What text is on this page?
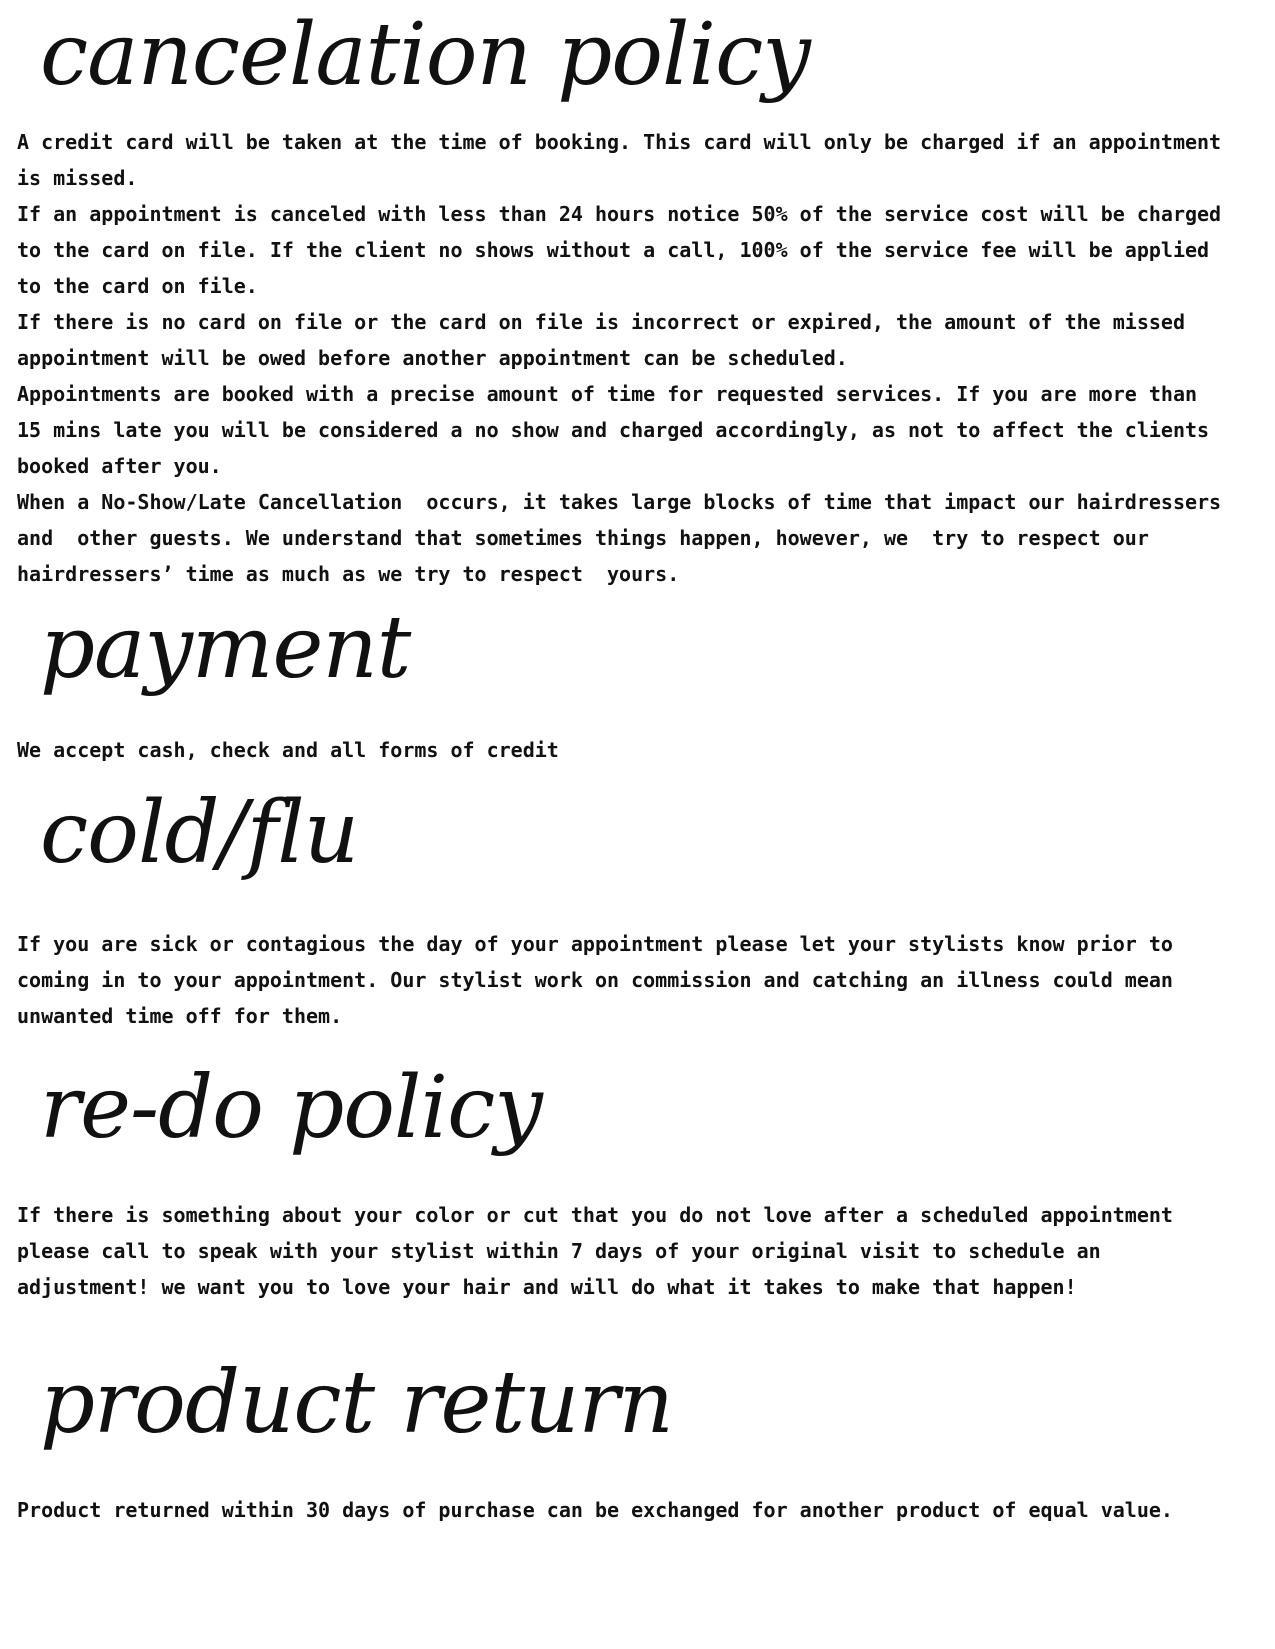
cancelation policy
A credit card will be taken at the time of booking. This card will only be charged if an appointment
is missed.
If an appointment is canceled with less than 24 hours notice 50% of the service cost will be charged
to the card on file. If the client no shows without a call, 100% of the service fee will be applied
to the card on file.
If there is no card on file or the card on file is incorrect or expired, the amount of the missed
appointment will be owed before another appointment can be scheduled.
Appointments are booked with a precise amount of time for requested services. If you are more than
15 mins late you will be considered a no show and charged accordingly, as not to affect the clients
booked after you.
When a No-Show/Late Cancellation  occurs, it takes large blocks of time that impact our hairdressers
and  other guests. We understand that sometimes things happen, however, we  try to respect our
hairdressers’ time as much as we try to respect  yours.
payment
We accept cash, check and all forms of credit
cold/flu
If you are sick or contagious the day of your appointment please let your stylists know prior to
coming in to your appointment. Our stylist work on commission and catching an illness could mean
unwanted time off for them.
re-do policy
If there is something about your color or cut that you do not love after a scheduled appointment
please call to speak with your stylist within 7 days of your original visit to schedule an
adjustment! we want you to love your hair and will do what it takes to make that happen!
product return
Product returned within 30 days of purchase can be exchanged for another product of equal value.
